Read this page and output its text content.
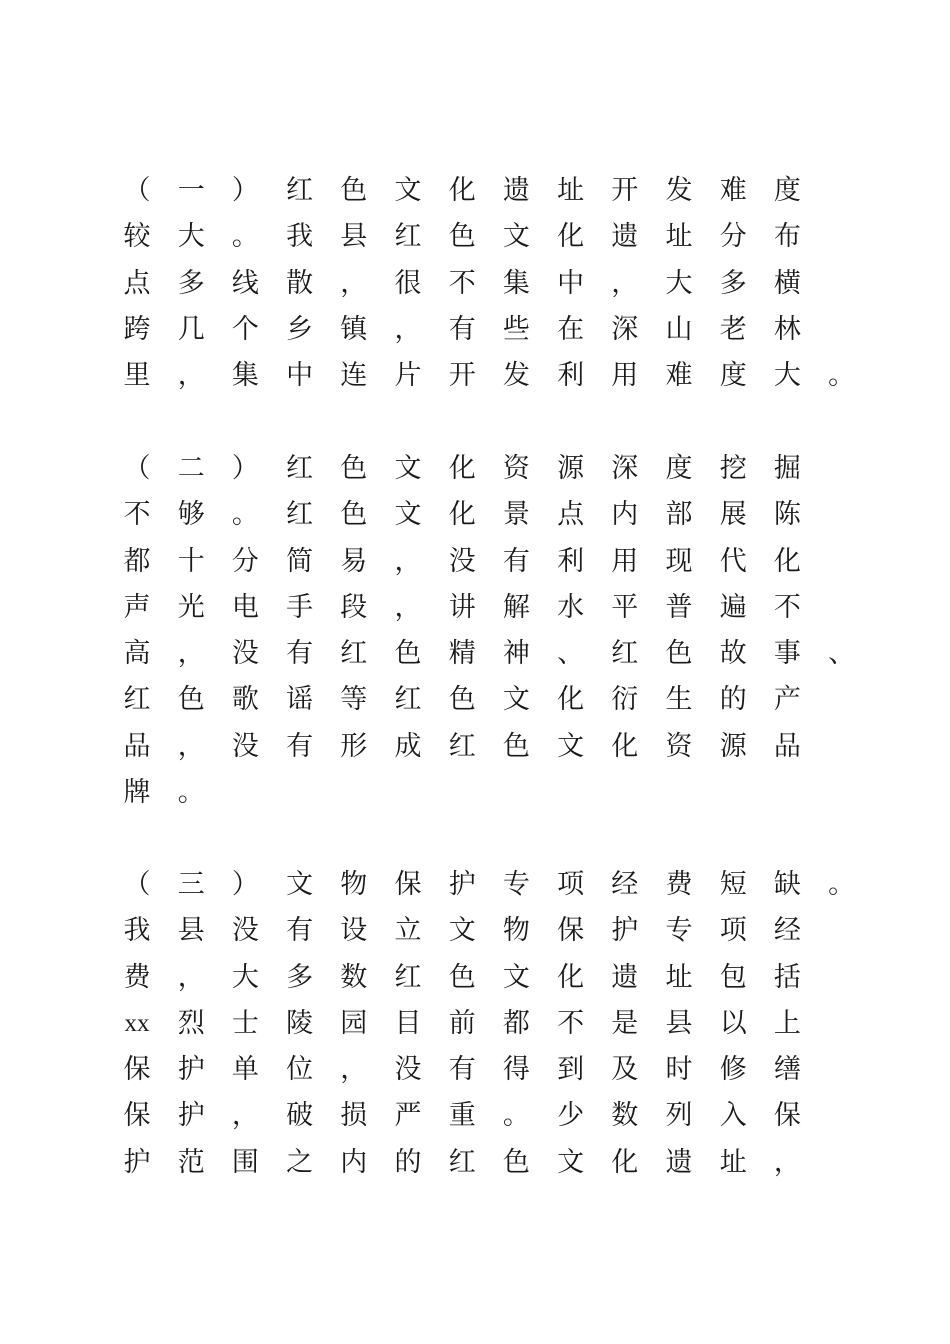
（ 一 ） 红 色 文 化 遗 址 开 发 难 度
较 大 。 我 县 红 色 文 化 遗 址 分 布
点 多 线 散 ， 很 不 集 中 ， 大 多 横
跨 几 个 乡 镇 ， 有 些 在 深 山 老 林
里 ， 集 中 连 片 开 发 利 用 难 度 大 。
（ 二 ） 红 色 文 化 资 源 深 度 挖 掘
不 够 。 红 色 文 化 景 点 内 部 展 陈
都 十 分 简 易 ， 没 有 利 用 现 代 化
声 光 电 手 段 ， 讲 解 水 平 普 遍 不
高 ， 没 有 红 色 精 神 、 红 色 故 事 、
红 色 歌 谣 等 红 色 文 化 衍 生 的 产
品 ， 没 有 形 成 红 色 文 化 资 源 品
牌 。
（ 三 ） 文 物 保 护 专 项 经 费 短 缺 。
我 县 没 有 设 立 文 物 保 护 专 项 经
费 ， 大 多 数 红 色 文 化 遗 址 包 括
xx 烈 士 陵 园 目 前 都 不 是 县 以 上
保 护 单 位 ， 没 有 得 到 及 时 修 缮
保 护 ， 破 损 严 重 。 少 数 列 入 保
护 范 围 之 内 的 红 色 文 化 遗 址 ，
